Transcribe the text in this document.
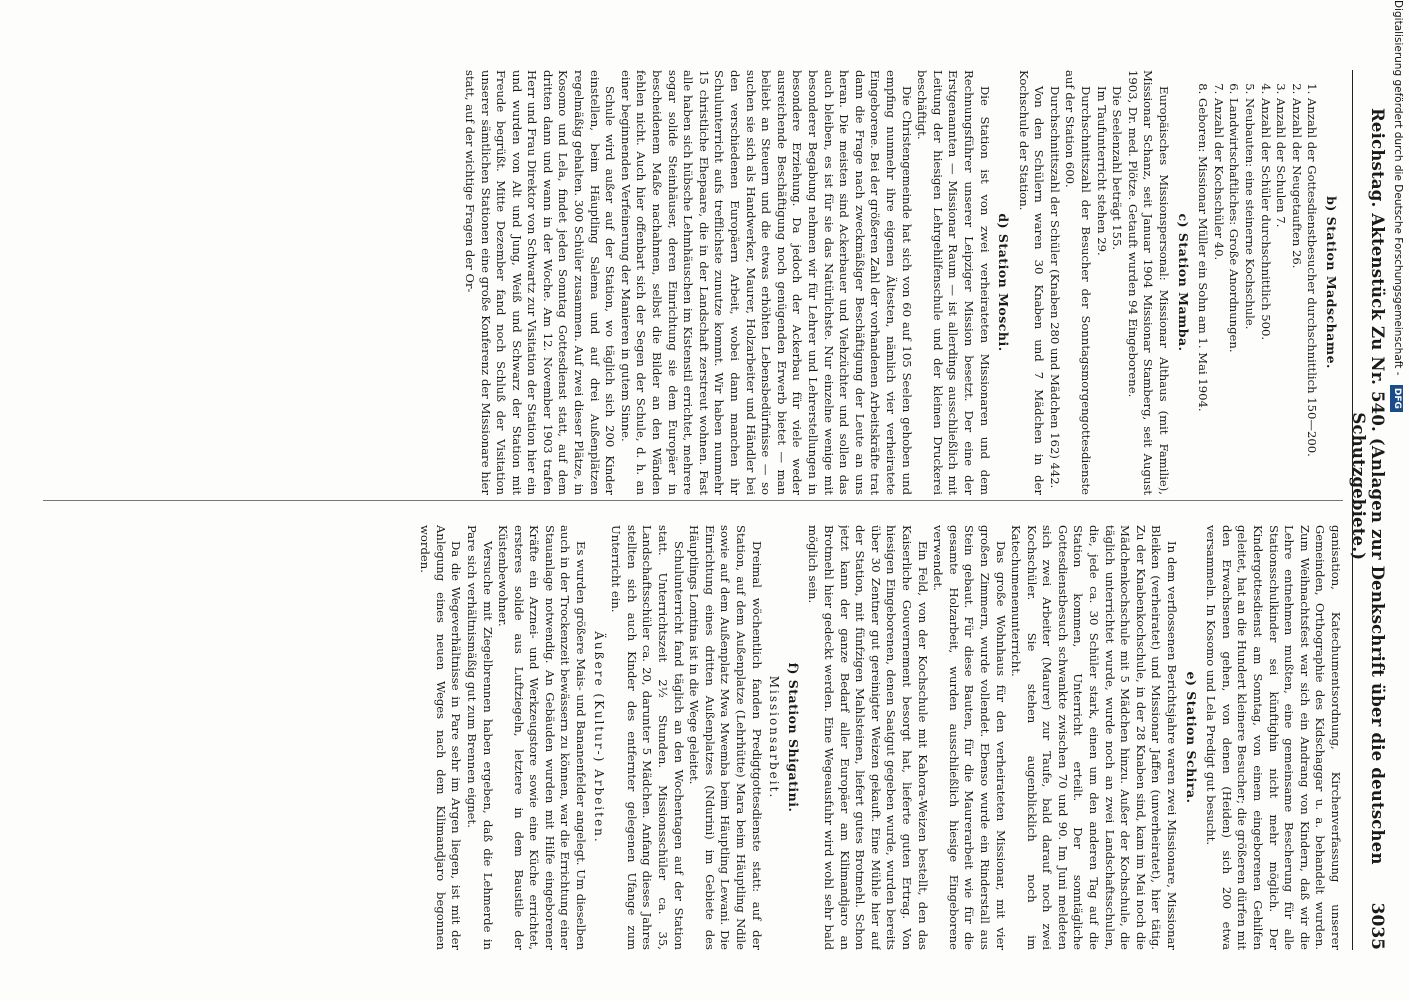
Reichstag. Aktenstück Zu Nr. 540. (Anlagen zur Denkschrift über die deutschen Schutzgebiete.)
3035
b) Station Madschame.
1. Anzahl der Gottesdienstbesucher durchschnittlich 150—200.
2. Anzahl der Neugetauften 26.
3. Anzahl der Schulen 7.
4. Anzahl der Schüler durchschnittlich 500.
5. Neubauten: eine steinerne Kochschule.
6. Landwirtschaftliches: Große Anordnungen.
7. Anzahl der Kochschüler 40.
8. Geboren: Missionar Müller ein Sohn am 1. Mai 1904.
c) Station Mamba.

Europäisches Missionspersonal: Missionar Althaus (mit Familie), Missionar Schanz, seit Januar 1904 Missionar Stamberg, seit August 1903, Dr. med. Plötze. Getauft wurden 94 Eingeborene.

Die Seelenzahl beträgt 155.

Im Taufunterricht stehen 29.

Durchschnittszahl der Besucher der Sonntagsmorgengottesdienste auf der Station 600.

Durchschnittszahl der Schüler (Knaben 280 und Mädchen 162) 442.

Von den Schülern waren 30 Knaben und 7 Mädchen in der Kochschule der Station.

d) Station Moschi.

Die Station ist von zwei verheirateten Missionaren und dem Rechnungsführer unserer Leipziger Mission besetzt. Der eine der Erstgenannten — Missionar Raum — ist allerdings ausschließlich mit Leitung der hiesigen Lehrgehilfenschule und der kleinen Druckerei beschäftigt.

Die Christengemeinde hat sich von 60 auf 105 Seelen gehoben und empfing nunmehr ihre eigenen Ältesten, nämlich vier verheiratete Eingeborene. Bei der größeren Zahl der vorhandenen Arbeitskräfte trat dann die Frage nach zweckmäßiger Beschäftigung der Leute an uns heran. Die meisten sind Ackerbauer und Viehzüchter und sollen das auch bleiben, es ist für sie das Natürlichste. Nur einzelne wenige mit besonderer Begabung nehmen wir für Lehrer und Lehrerstellungen in besondere Erziehung. Da jedoch der Ackerbau für viele weder ausreichende Beschäftigung noch genügenden Erwerb bietet — man beliebt an Steuern und die etwas erhöhten Lebensbedürfnisse — so suchen sie sich als Handwerker, Maurer, Holzarbeiter und Händler bei den verschiedenen Europäern Arbeit, wobei dann manchen ihr Schulunterricht aufs trefflichste zunutze kommt. Wir haben nunmehr 15 christliche Ehepaare, die in der Landschaft zerstreut wohnen. Fast alle haben sich hübsche Lehmhäuschen im Kistenstil errichtet, mehrere sogar solide Steinhäuser, deren Einrichtung sie dem Europäer in bescheidenem Maße nachahmen, selbst die Bilder an den Wänden fehlen nicht. Auch hier offenbart sich der Segen der Schule, d. h. an einer beginnenden Verfeinerung der Manieren in gutem Sinne.

Schule wird außer auf der Station, wo täglich sich 200 Kinder einstellen, beim Häuptling Salema und auf drei Außenplätzen regelmäßig gehalten. 300 Schüler zusammen. Auf zwei dieser Plätze, in Kosomo und Lela, findet jeden Sonntag Gottesdienst statt, auf dem dritten dann und wann in der Woche. Am 12. November 1903 trafen Herr und Frau Direktor von Schwartz zur Visitation der Station hier ein und wurden von Alt und Jung, Weiß und Schwarz der Station mit Freude begrüßt. Mitte Dezember fand noch Schluß der Visitation unserer sämtlichen Stationen eine große Konferenz der Missionare hier statt, auf der wichtige Fragen der Or-

ganisation, Katechumentsordnung, Kirchenverfassung unserer Gemeinden, Orthographie des Kidschaggar u. a. behandelt wurden. Zum Weihnachtsfest war sich ein Andrang von Kindern, daß wir die Lehre entnehmen mußten, eine gemeinsame Bescherung für alle Stationsschulkinder sei künftighin nicht mehr möglich. Der Kindergottesdienst am Sonntag, von einem eingeborenen Gehilfen geleitet, hat an die Hundert kleinere Besucher; die größeren dürfen mit den Erwachsenen gehen, von denen (Heiden) sich 200 etwa versammeln. In Kosomo und Lela Predigt gut besucht.

e) Station Schira.

In dem verflossenen Berichtsjahre waren zwei Missionare, Missionar Bleiken (verheiratet) und Missionar Jaffen (unverheiratet), hier tätig. Zu der Knabenkochschule, in der 28 Knaben sind, kam im Mai noch die Mädchenkochschule mit 5 Mädchen hinzu. Außer der Kochschule, die täglich unterrichtet wurde, wurde noch an zwei Landschaftsschulen, die, jede ca. 30 Schüler stark, einen um den anderen Tag auf die Station kommen, Unterricht erteilt. Der sonntägliche Gottesdienstbesuch schwankte zwischen 70 und 90. Im Juni meldeten sich zwei Arbeiter (Maurer) zur Taufe, bald darauf noch zwei Kochschüler. Sie stehen augenblicklich noch im Katechumenenunterricht.

Das große Wohnhaus für den verheirateten Missionar, mit vier großen Zimmern, wurde vollendet. Ebenso wurde ein Rinderstall aus Stein gebaut. Für diese Bauten, für die Maurerarbeit wie für die gesamte Holzarbeit, wurden ausschließlich hiesige Eingeborene verwendet.

Ein Feld, von der Kochschule mit Kahora-Weizen bestellt, den das Kaiserliche Gouvernement besorgt hat, lieferte guten Ertrag. Von hiesigen Eingeborenen, denen Saatgut gegeben wurde, wurden bereits über 30 Zentner gut gereinigter Weizen gekauft. Eine Mühle hier auf der Station, mit fünfzigen Mahlsteinen, liefert gutes Brotmehl. Schon jetzt kann der ganze Bedarf aller Europäer am Kilimandjaro an Brotmehl hier gedeckt werden. Eine Wegeausfuhr wird wohl sehr bald möglich sein.

f) Station Shigatini.
Missionsarbeit.

Dreimal wöchentlich fanden Predigtgottesdienste statt: auf der Station, auf dem Außenplatze (Lehrhütte) Mara beim Häuptling Ndile sowie auf dem Außenplatz Mwa Mwemba beim Häuptling Lewani. Die Einrichtung eines dritten Außenplatzes (Ndurini) im Gebiete des Häuptlings Lomtina ist in die Wege geleitet.

Schulunterricht fand täglich an den Wochentagen auf der Station statt. Unterrichtszeit 2½ Stunden. Missionsschüler ca. 35, Landschaftsschüler ca. 20, darunter 5 Mädchen. Anfang dieses Jahres stellten sich auch Kinder des entfernter gelegenen Ufange zum Unterricht ein.

Äußere (Kultur-) Arbeiten.

Es wurden größere Mais- und Bananenfelder angelegt. Um dieselben auch in der Trockenzeit bewässern zu können, war die Errichtung einer Stauanlage notwendig. An Gebäuden wurden mit Hilfe eingeborener Kräfte ein Arznei- und Werkzeugstore sowie eine Küche errichtet, ersteres solide aus Luftziegeln, letztere in dem Baustile der Küstenbewohner.

Versuche mit Ziegelbrennen haben ergeben, daß die Lehmerde in Pare sich verhältnismäßig gut zum Brennen eignet.

Da die Wegeverhältnisse in Pare sehr im Argen liegen, ist mit der Anlegung eines neuen Weges nach dem Kilimandjaro begonnen worden.

Digitalisierung gefördert durch die Deutsche Forschungsgemeinschaft - DFG
